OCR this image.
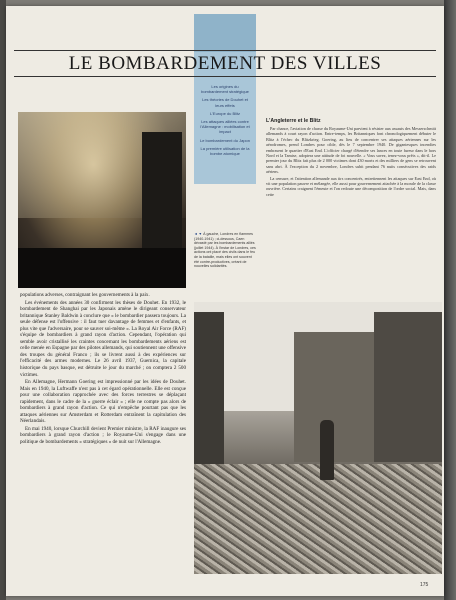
LE BOMBARDEMENT DES VILLES
Les origines du bombardement stratégique
Les théories de Douhet et leurs effets
L'Europe du Blitz
Les attaques alliées contre l'Allemagne : mobilisation et impact
Le bombardement du Japon
La première utilisation de la bombe atomique
◄ ▼ À gauche, Londres en flammes (1940-1941) ; ci-dessous, Caen dévasté par les bombardements alliés (juillet 1944). À l'instar de Londres, ces actions ont placé des civils dans le feu de la bataille, mais elles ont souvent été contre-productives, créant de nouvelles solidarités.
L'Angleterre et le Blitz

Par chance, l'aviation de chasse du Royaume-Uni parvient à résister aux assauts des Messerschmitt allemands à court rayon d'action. Entre-temps, les Britanniques font chronologiquement débuter le Blitz à l'échec du Blitzkrieg. Goering, au lieu de concentrer ses attaques aériennes sur les aérodromes, prend Londres pour cible, dès le 7 septembre 1940. De gigantesques incendies embrasent le quartier d'East End. L'officier chargé d'étendre ses lances en toute fureur dans le hors Nord et la Tamise, adoptera une attitude de foi nouvelle. « Vous savez, tenez-vous prêts », dit-il. Le premier jour du Blitz fait plus de 2 000 victimes dont 430 morts et des milliers de gens se retrouvent sans abri. À l'exception du 2 novembre, Londres subit pendant 76 nuits consécutives des raids aériens.

La censure, et l'attention allemande aux tirs concentrés, entretiennent les attaques sur East End, où vit une population pauvre et mélangée, elle aussi pour gouvernement attachée à la morale de la classe ouvrière. Certains craignent l'émeute et l'on redoute une décomposition de l'ordre social. Mais, dans cette

populations adverses, contraignant les gouvernements à la paix.

Les événements des années 30 confirment les thèses de Douhet. En 1932, le bombardement de Shanghai par les Japonais amène le dirigeant conservateur britannique Stanley Baldwin à conclure que « le bombardier passera toujours. La seule défense est l'offensive : il faut tuer davantage de femmes et d'enfants, et plus vite que l'adversaire, pour se sauver soi-même ». La Royal Air Force (RAF) s'équipe de bombardiers à grand rayon d'action. Cependant, l'opération qui semble avoir cristallisé les craintes concernant les bombardements aériens est celle menée en Espagne par des pilotes allemands, qui soutiennent une offensive des troupes du général Franco ; ils se livrent aussi à des expériences sur l'efficacité des armes modernes. Le 26 avril 1937, Guernica, la capitale historique du pays basque, est détruite le jour du marché ; on comptera 2 500 victimes.

En Allemagne, Hermann Goering est impressionné par les idées de Douhet. Mais en 1940, la Luftwaffe n'est pas à cet égard opérationnelle. Elle est conçue pour une collaboration rapprochée avec des forces terrestres se déplaçant rapidement, dans le cadre de la « guerre éclair » ; elle ne compte pas alors de bombardiers à grand rayon d'action. Ce qui n'empêche pourtant pas que les attaques aériennes sur Amsterdam et Rotterdam entraînent la capitulation des Néerlandais.

En mai 1940, lorsque Churchill devient Premier ministre, la RAF inaugure ses bombardiers à grand rayon d'action ; le Royaume-Uni s'engage dans une politique de bombardements « stratégiques » de nuit sur l'Allemagne.

175
